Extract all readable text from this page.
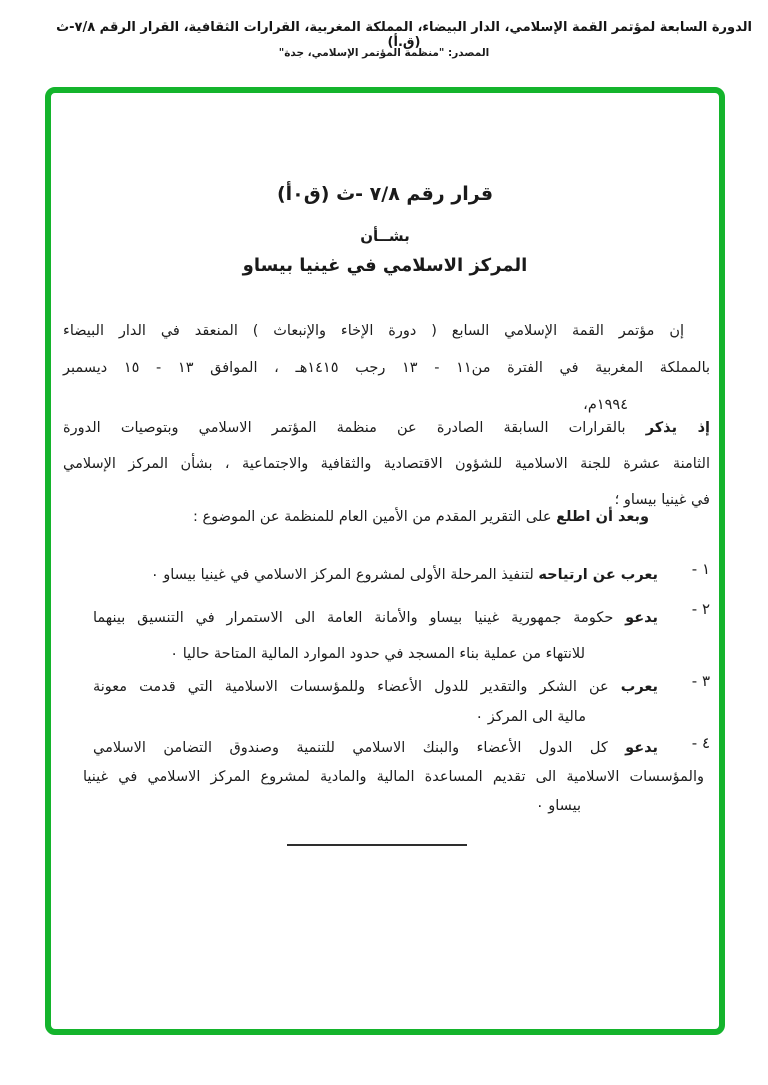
الدورة السابعة لمؤتمر القمة الإسلامي، الدار البيضاء، المملكة المغربية، القرارات الثقافية، القرار الرقم ٧/٨-ث (ق.أ)
المصدر: "منظمة المؤتمر الإسلامي، جدة"
قرار رقم ٧/٨ -ث (ق٠أ)
بشــأن
المركز الاسلامي في غينيا بيساو
إن مؤتمر القمة الإسلامي السابع ( دورة الإخاء والإنبعاث ) المنعقد في الدار البيضاء
بالمملكة المغربية في الفترة من١١ - ١٣ رجب ١٤١٥هـ ، الموافق ١٣ - ١٥ ديسمبر
١٩٩٤م،
إذ يذكر بالقرارات السابقة الصادرة عن منظمة المؤتمر الاسلامي وبتوصيات الدورة
الثامنة عشرة للجنة الاسلامية للشؤون الاقتصادية والثقافية والاجتماعية ، بشأن المركز الإسلامي
في غينيا بيساو ؛
وبعد أن اطلع على التقرير المقدم من الأمين العام للمنظمة عن الموضوع :
١ -
يعرب عن ارتياحه لتنفيذ المرحلة الأولى لمشروع المركز الاسلامي في غينيا بيساو ٠
٢ -
يدعو حكومة جمهورية غينيا بيساو والأمانة العامة الى الاستمرار في التنسيق بينهما
للانتهاء من عملية بناء المسجد في حدود الموارد المالية المتاحة حاليا ٠
٣ -
يعرب عن الشكر والتقدير للدول الأعضاء وللمؤسسات الاسلامية التي قدمت معونة
مالية الى المركز ٠
٤ -
يدعو كل الدول الأعضاء والبنك الاسلامي للتنمية وصندوق التضامن الاسلامي
والمؤسسات الاسلامية الى تقديم المساعدة المالية والمادية لمشروع المركز الاسلامي في غينيا
بيساو ٠
